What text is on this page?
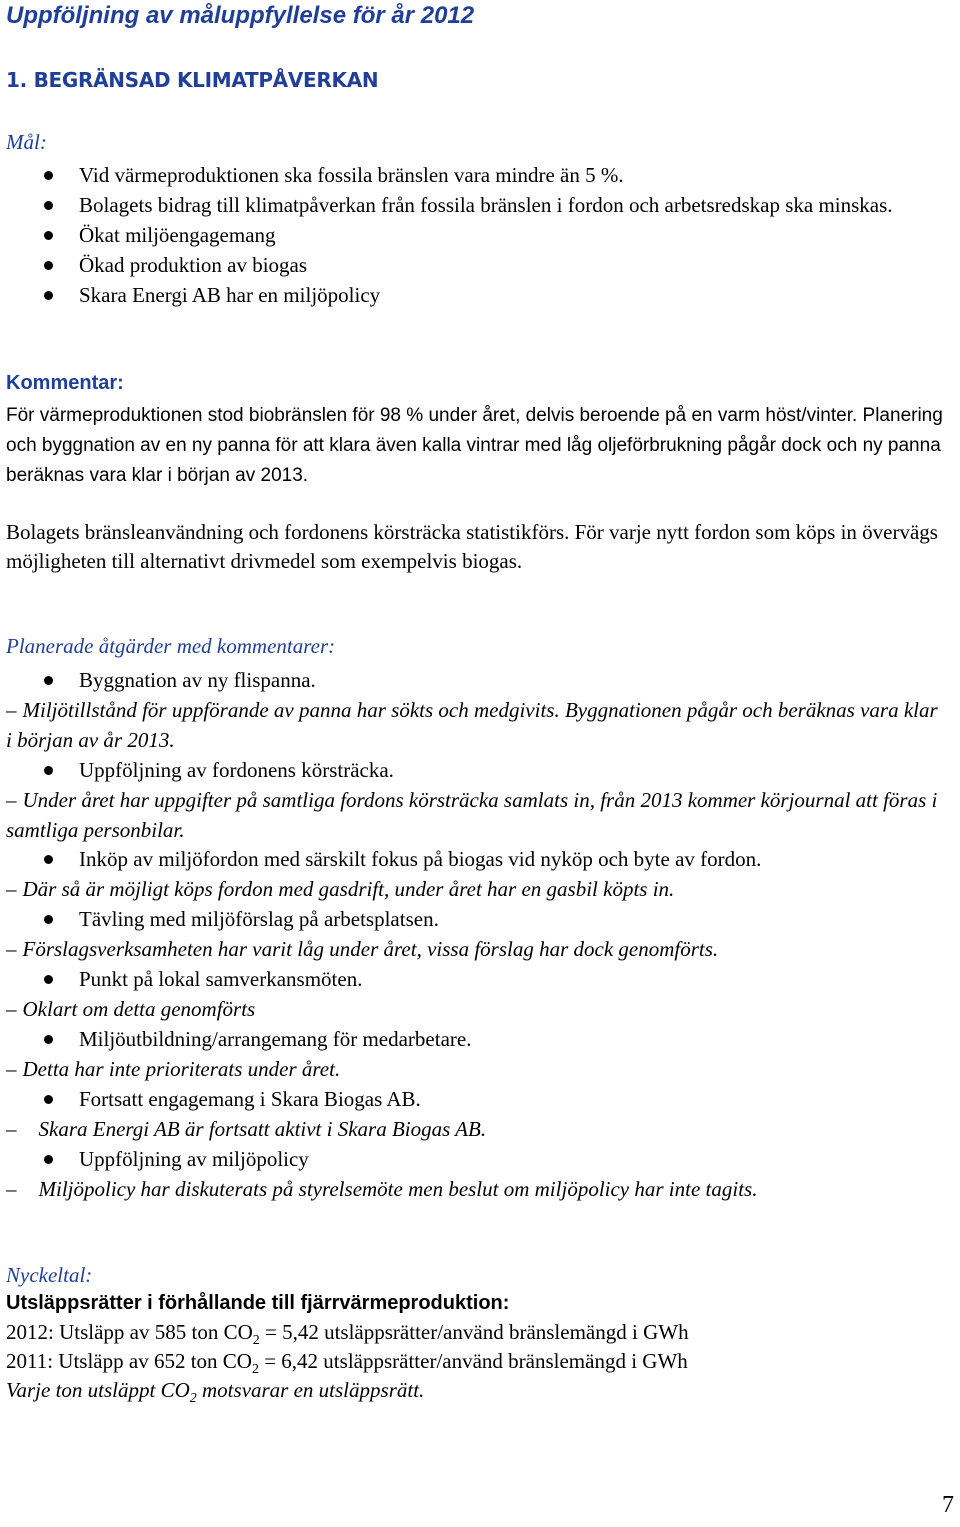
Uppföljning av måluppfyllelse för år 2012
1. BEGRÄNSAD KLIMATPÅVERKAN
Mål:
Vid värmeproduktionen ska fossila bränslen vara mindre än 5 %.
Bolagets bidrag till klimatpåverkan från fossila bränslen i fordon och arbetsredskap ska minskas.
Ökat miljöengagemang
Ökad produktion av biogas
Skara Energi AB har en miljöpolicy
Kommentar:

För värmeproduktionen stod biobränslen för 98 % under året, delvis beroende på en varm höst/vinter. Planering och byggnation av en ny panna för att klara även kalla vintrar med låg oljeförbrukning pågår dock och ny panna beräknas vara klar i början av 2013.

Bolagets bränsleanvändning och fordonens körsträcka statistikförs. För varje nytt fordon som köps in övervägs möjligheten till alternativt drivmedel som exempelvis biogas.

Planerade åtgärder med kommentarer:
Byggnation av ny flispanna.

– Miljötillstånd för uppförande av panna har sökts och medgivits. Byggnationen pågår och beräknas vara klar i början av år 2013.

Uppföljning av fordonens körsträcka.

– Under året har uppgifter på samtliga fordons körsträcka samlats in, från 2013 kommer körjournal att föras i samtliga personbilar.

Inköp av miljöfordon med särskilt fokus på biogas vid nyköp och byte av fordon.

– Där så är möjligt köps fordon med gasdrift, under året har en gasbil köpts in.

Tävling med miljöförslag på arbetsplatsen.

– Förslagsverksamheten har varit låg under året, vissa förslag har dock genomförts.

Punkt på lokal samverkansmöten.

– Oklart om detta genomförts

Miljöutbildning/arrangemang för medarbetare.

– Detta har inte prioriterats under året.

Fortsatt engagemang i Skara Biogas AB.

– Skara Energi AB är fortsatt aktivt i Skara Biogas AB.

Uppföljning av miljöpolicy

– Miljöpolicy har diskuterats på styrelsemöte men beslut om miljöpolicy har inte tagits.

Nyckeltal:
Utsläppsrätter i förhållande till fjärrvärmeproduktion:
2012: Utsläpp av 585 ton $CO_2 = 5,42$ utsläppsrätter/använd bränslemängd i GWh
2011: Utsläpp av 652 ton $CO_2 = 6,42$ utsläppsrätter/använd bränslemängd i GWh
Varje ton utsläppt $CO_2$ motsvarar en utsläppsrätt.
7
